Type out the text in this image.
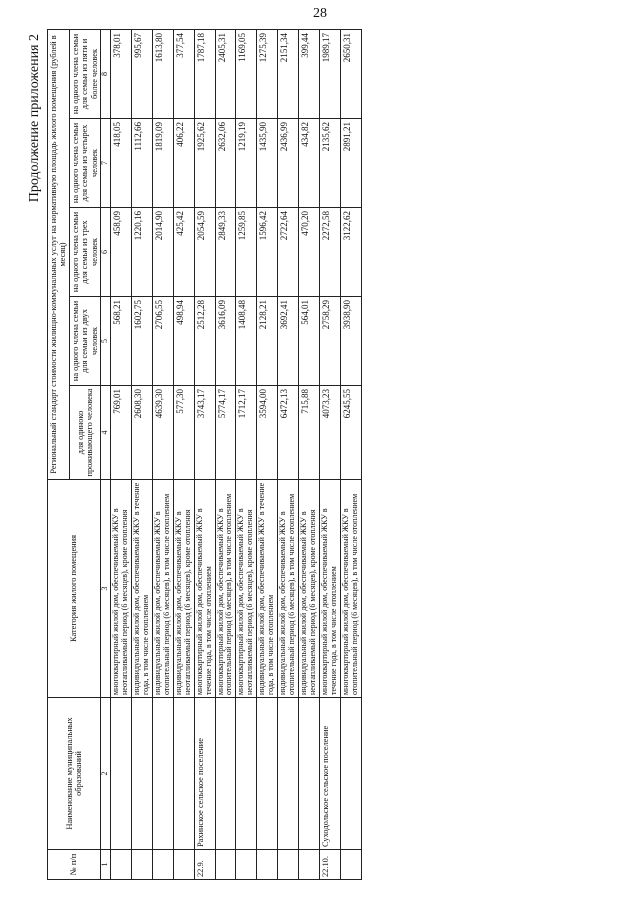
28
Продолжение приложения 2
№ п/п	Наименование муниципальных образований	Категория жилого помещения	Региональный стандарт стоимости жилищно-коммунальных услуг на нормативную площадь жилого помещения (рублей в месяц)				
			для одиноко проживающего человека	на одного члена семьи для семьи из двух человек	на одного члена семьи для семьи из трех человек	на одного члена семьи для семьи из четырех человек	на одного члена семьи для семьи из пяти и более человек
1	2	3	4	5	6	7	8
		многоквартирный жилой дом, обеспечиваемый ЖКУ в неотапливаемый период (6 месяцев), кроме отопления	769,01	568,21	458,09	418,05	378,01
		индивидуальный жилой дом, обеспечиваемый ЖКУ в течение года, в том числе отоплением	2608,30	1602,75	1220,16	1112,66	995,67
		индивидуальный жилой дом, обеспечиваемый ЖКУ в отопительный период (6 месяцев), в том числе отоплением	4639,30	2706,55	2014,90	1819,09	1613,80
		индивидуальный жилой дом, обеспечиваемый ЖКУ в неотапливаемый период (6 месяцев), кроме отопления	577,30	498,94	425,42	406,22	377,54
22.9.	Рахинское сельское поселение	многоквартирный жилой дом, обеспечиваемый ЖКУ в течение года, в том числе отоплением	3743,17	2512,28	2054,59	1925,62	1787,18
		многоквартирный жилой дом, обеспечиваемый ЖКУ в отопительный период (6 месяцев), в том числе отоплением	5774,17	3616,09	2849,33	2632,06	2405,31
		многоквартирный жилой дом, обеспечиваемый ЖКУ в неотапливаемый период (6 месяцев), кроме отопления	1712,17	1408,48	1259,85	1219,19	1169,05
		индивидуальный жилой дом, обеспечиваемый ЖКУ в течение года, в том числе отоплением	3594,00	2128,21	1596,42	1435,90	1275,39
		индивидуальный жилой дом, обеспечиваемый ЖКУ в отопительный период (6 месяцев), в том числе отоплением	6472,13	3692,41	2722,64	2436,99	2151,34
		индивидуальный жилой дом, обеспечиваемый ЖКУ в неотапливаемый период (6 месяцев), кроме отопления	715,88	564,01	470,20	434,82	399,44
22.10.	Суходольское сельское поселение	многоквартирный жилой дом, обеспечиваемый ЖКУ в течение года, в том числе отоплением	4073,23	2758,29	2272,58	2135,62	1989,17
		многоквартирный жилой дом, обеспечиваемый ЖКУ в отопительный период (6 месяцев), в том числе отоплением	6245,55	3938,90	3122,62	2891,21	2650,31
